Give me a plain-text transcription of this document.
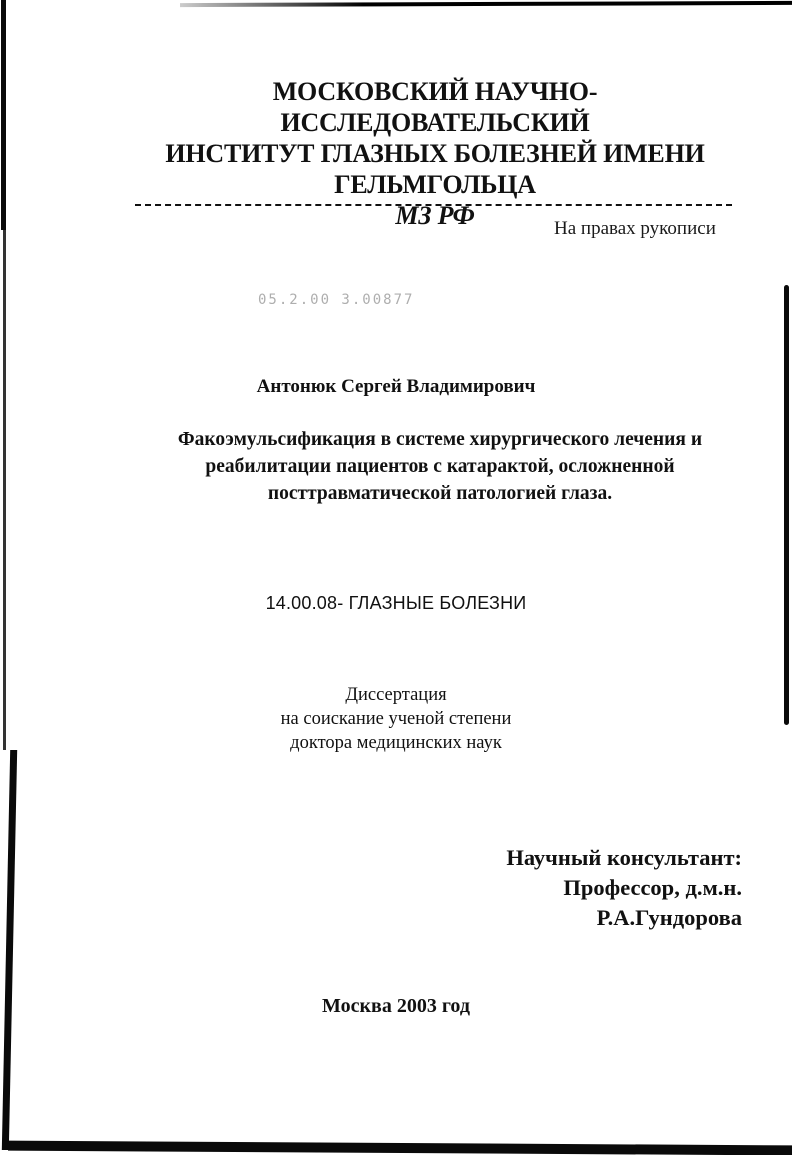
МОСКОВСКИЙ НАУЧНО-ИССЛЕДОВАТЕЛЬСКИЙ
ИНСТИТУТ ГЛАЗНЫХ БОЛЕЗНЕЙ ИМЕНИ
ГЕЛЬМГОЛЬЦА
МЗ РФ	На правах рукописи
05.2.00 3.00877
Антонюк Сергей Владимирович
Факоэмульсификация в системе хирургического лечения и
реабилитации пациентов с катарактой, осложненной
посттравматической патологией глаза.
14.00.08- ГЛАЗНЫЕ БОЛЕЗНИ
Диссертация
на соискание ученой степени
доктора медицинских наук
Научный консультант:
Профессор, д.м.н.
Р.А.Гундорова
Москва 2003 год
